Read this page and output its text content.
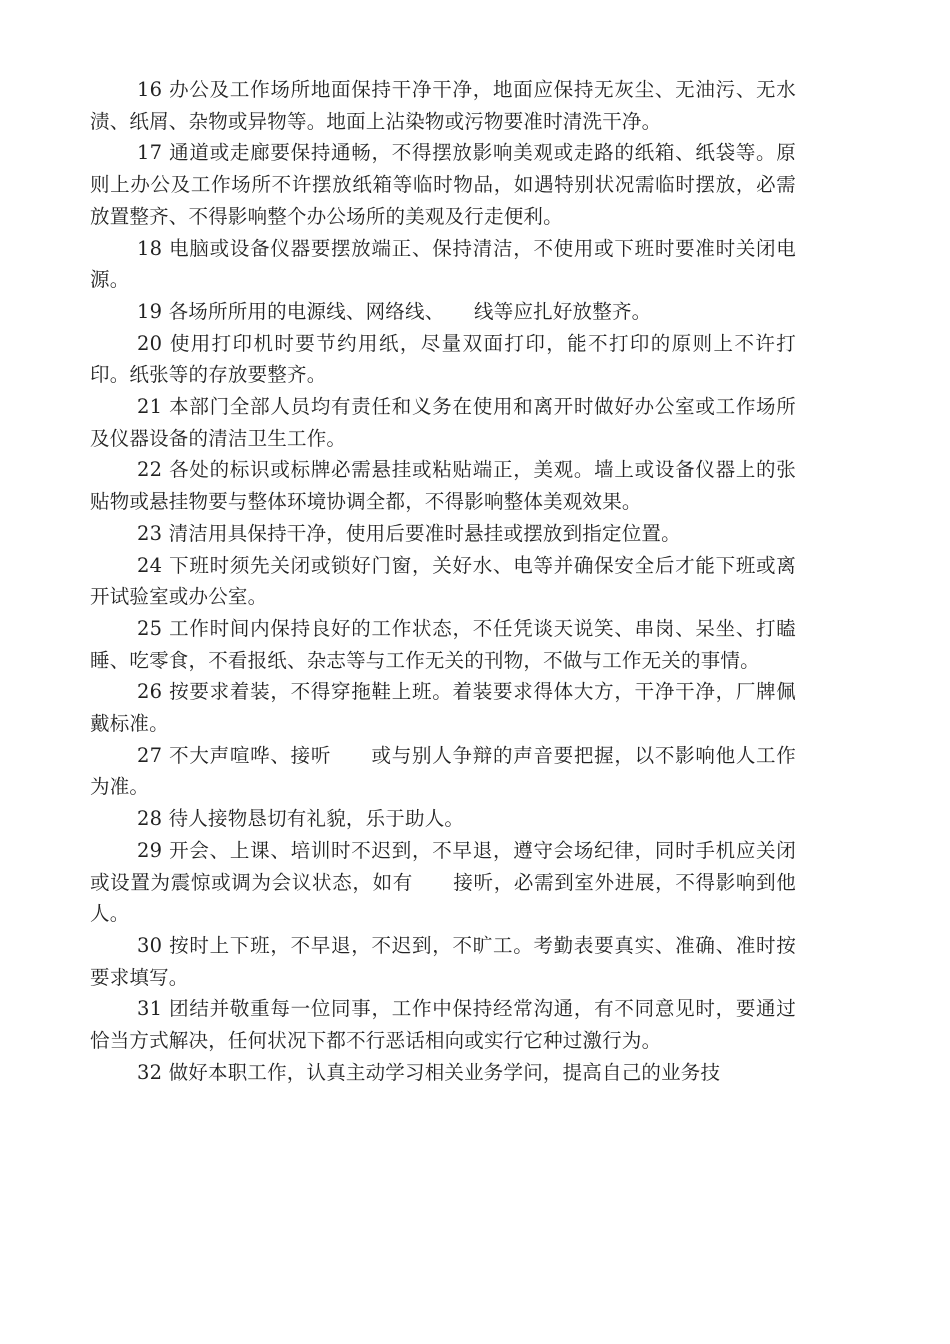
16 办公及工作场所地面保持干净干净，地面应保持无灰尘、无油污、无水渍、纸屑、杂物或异物等。地面上沾染物或污物要准时清洗干净。

17 通道或走廊要保持通畅，不得摆放影响美观或走路的纸箱、纸袋等。原则上办公及工作场所不许摆放纸箱等临时物品，如遇特别状况需临时摆放，必需放置整齐、不得影响整个办公场所的美观及行走便利。

18 电脑或设备仪器要摆放端正、保持清洁，不使用或下班时要准时关闭电源。

19 各场所所用的电源线、网络线、　　线等应扎好放整齐。

20 使用打印机时要节约用纸，尽量双面打印，能不打印的原则上不许打印。纸张等的存放要整齐。

21 本部门全部人员均有责任和义务在使用和离开时做好办公室或工作场所及仪器设备的清洁卫生工作。

22 各处的标识或标牌必需悬挂或粘贴端正，美观。墙上或设备仪器上的张贴物或悬挂物要与整体环境协调全都，不得影响整体美观效果。

23 清洁用具保持干净，使用后要准时悬挂或摆放到指定位置。

24 下班时须先关闭或锁好门窗，关好水、电等并确保安全后才能下班或离开试验室或办公室。

25 工作时间内保持良好的工作状态，不任凭谈天说笑、串岗、呆坐、打瞌睡、吃零食，不看报纸、杂志等与工作无关的刊物，不做与工作无关的事情。

26 按要求着装，不得穿拖鞋上班。着装要求得体大方，干净干净，厂牌佩戴标准。

27 不大声喧哗、接听　　或与别人争辩的声音要把握，以不影响他人工作为准。

28 待人接物恳切有礼貌，乐于助人。

29 开会、上课、培训时不迟到，不早退，遵守会场纪律，同时手机应关闭或设置为震惊或调为会议状态，如有　　接听，必需到室外进展，不得影响到他人。

30 按时上下班，不早退，不迟到，不旷工。考勤表要真实、准确、准时按要求填写。

31 团结并敬重每一位同事，工作中保持经常沟通，有不同意见时，要通过恰当方式解决，任何状况下都不行恶话相向或实行它种过激行为。

32 做好本职工作，认真主动学习相关业务学问，提高自己的业务技
